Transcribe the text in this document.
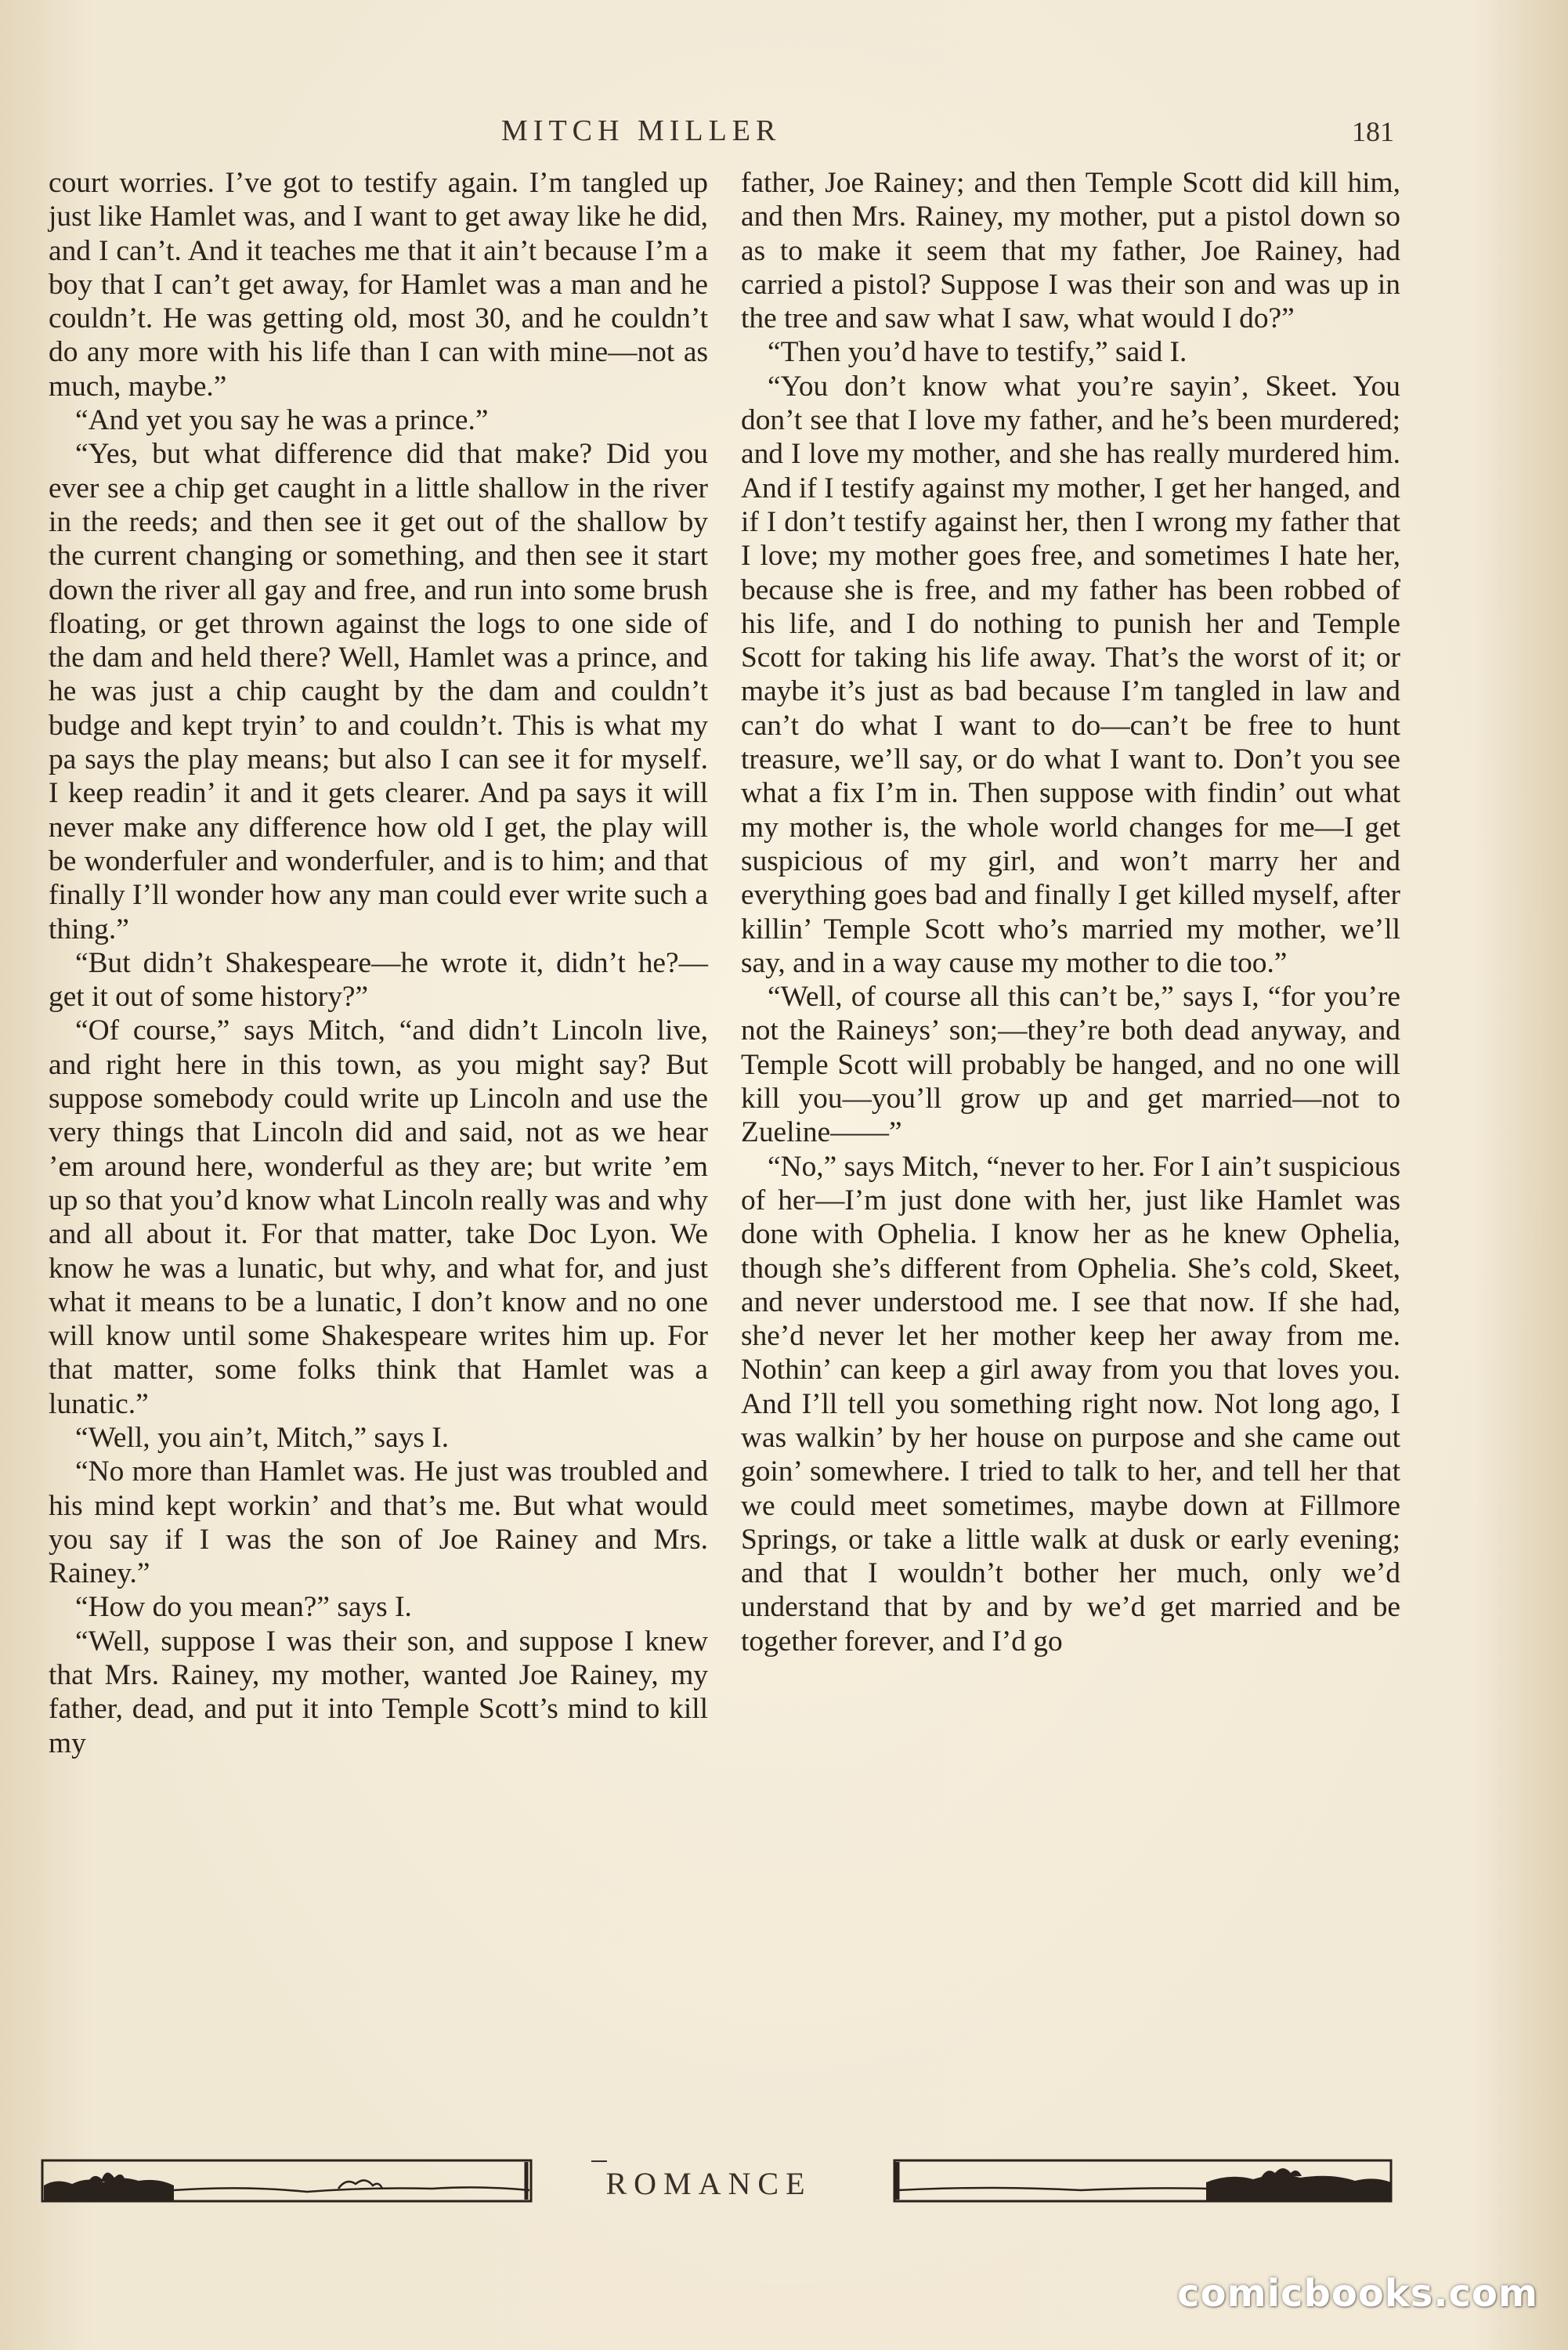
MITCH MILLER	181

court worries. I’ve got to testify again. I’m tangled up just like Hamlet was, and I want to get away like he did, and I can’t. And it teaches me that it ain’t because I’m a boy that I can’t get away, for Hamlet was a man and he couldn’t. He was getting old, most 30, and he couldn’t do any more with his life than I can with mine—not as much, maybe.”

“And yet you say he was a prince.”

“Yes, but what difference did that make? Did you ever see a chip get caught in a little shallow in the river in the reeds; and then see it get out of the shallow by the current changing or something, and then see it start down the river all gay and free, and run into some brush floating, or get thrown against the logs to one side of the dam and held there? Well, Hamlet was a prince, and he was just a chip caught by the dam and couldn’t budge and kept tryin’ to and couldn’t. This is what my pa says the play means; but also I can see it for myself. I keep readin’ it and it gets clearer. And pa says it will never make any difference how old I get, the play will be wonderfuler and wonderfuler, and is to him; and that finally I’ll wonder how any man could ever write such a thing.”

“But didn’t Shakespeare—he wrote it, didn’t he?—get it out of some history?”

“Of course,” says Mitch, “and didn’t Lincoln live, and right here in this town, as you might say? But suppose somebody could write up Lincoln and use the very things that Lincoln did and said, not as we hear ’em around here, wonderful as they are; but write ’em up so that you’d know what Lincoln really was and why and all about it. For that matter, take Doc Lyon. We know he was a lunatic, but why, and what for, and just what it means to be a lunatic, I don’t know and no one will know until some Shakespeare writes him up. For that matter, some folks think that Hamlet was a lunatic.”

“Well, you ain’t, Mitch,” says I.

“No more than Hamlet was. He just was troubled and his mind kept workin’ and that’s me. But what would you say if I was the son of Joe Rainey and Mrs. Rainey.”

“How do you mean?” says I.

“Well, suppose I was their son, and suppose I knew that Mrs. Rainey, my mother, wanted Joe Rainey, my father, dead, and put it into Temple Scott’s mind to kill my

father, Joe Rainey; and then Temple Scott did kill him, and then Mrs. Rainey, my mother, put a pistol down so as to make it seem that my father, Joe Rainey, had carried a pistol? Suppose I was their son and was up in the tree and saw what I saw, what would I do?”

“Then you’d have to testify,” said I.

“You don’t know what you’re sayin’, Skeet. You don’t see that I love my father, and he’s been murdered; and I love my mother, and she has really murdered him. And if I testify against my mother, I get her hanged, and if I don’t testify against her, then I wrong my father that I love; my mother goes free, and sometimes I hate her, because she is free, and my father has been robbed of his life, and I do nothing to punish her and Temple Scott for taking his life away. That’s the worst of it; or maybe it’s just as bad because I’m tangled in law and can’t do what I want to do—can’t be free to hunt treasure, we’ll say, or do what I want to. Don’t you see what a fix I’m in. Then suppose with findin’ out what my mother is, the whole world changes for me—I get suspicious of my girl, and won’t marry her and everything goes bad and finally I get killed myself, after killin’ Temple Scott who’s married my mother, we’ll say, and in a way cause my mother to die too.”

“Well, of course all this can’t be,” says I, “for you’re not the Raineys’ son;—they’re both dead anyway, and Temple Scott will probably be hanged, and no one will kill you—you’ll grow up and get married—not to Zueline——”

“No,” says Mitch, “never to her. For I ain’t suspicious of her—I’m just done with her, just like Hamlet was done with Ophelia. I know her as he knew Ophelia, though she’s different from Ophelia. She’s cold, Skeet, and never understood me. I see that now. If she had, she’d never let her mother keep her away from me. Nothin’ can keep a girl away from you that loves you. And I’ll tell you something right now. Not long ago, I was walkin’ by her house on purpose and she came out goin’ somewhere. I tried to talk to her, and tell her that we could meet sometimes, maybe down at Fillmore Springs, or take a little walk at dusk or early evening; and that I wouldn’t bother her much, only we’d understand that by and by we’d get married and be together forever, and I’d go

ROMANCE
comicbooks.com
